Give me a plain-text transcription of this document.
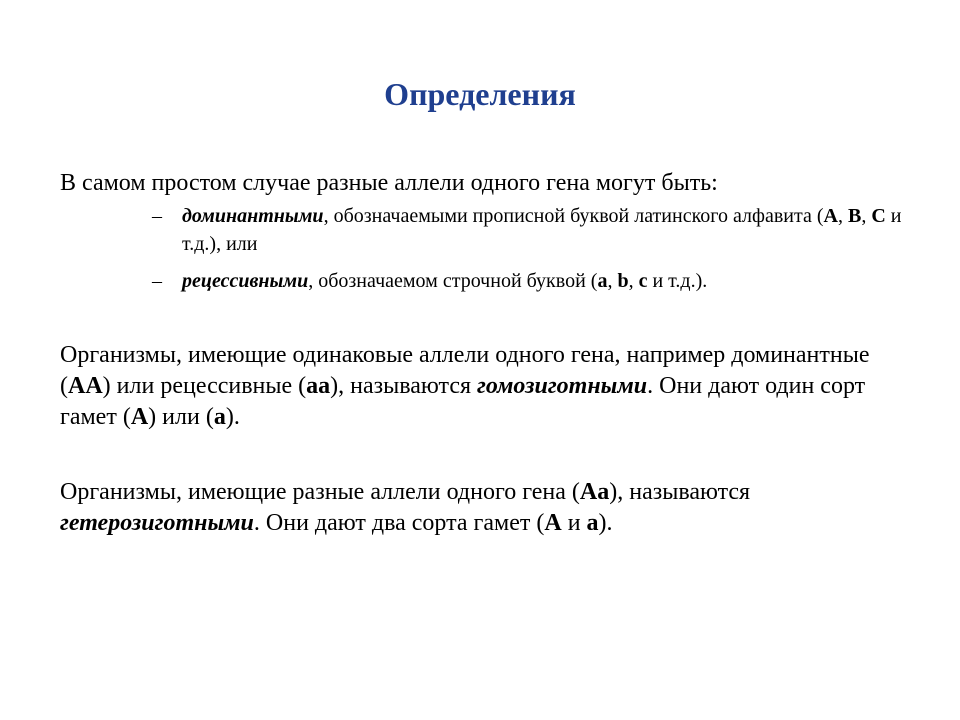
Определения
В самом простом случае разные аллели одного гена могут быть:
– доминантными, обозначаемыми прописной буквой латинского алфавита (A, B, C и т.д.), или
– рецессивными, обозначаемом строчной буквой (a, b, c и т.д.).
Организмы, имеющие одинаковые аллели одного гена, например доминантные (AA) или рецессивные (aa), называются гомозиготными. Они дают один сорт гамет (A) или (a).
Организмы, имеющие разные аллели одного гена (Aa), называются гетерозиготными. Они дают два сорта гамет (A и a).
